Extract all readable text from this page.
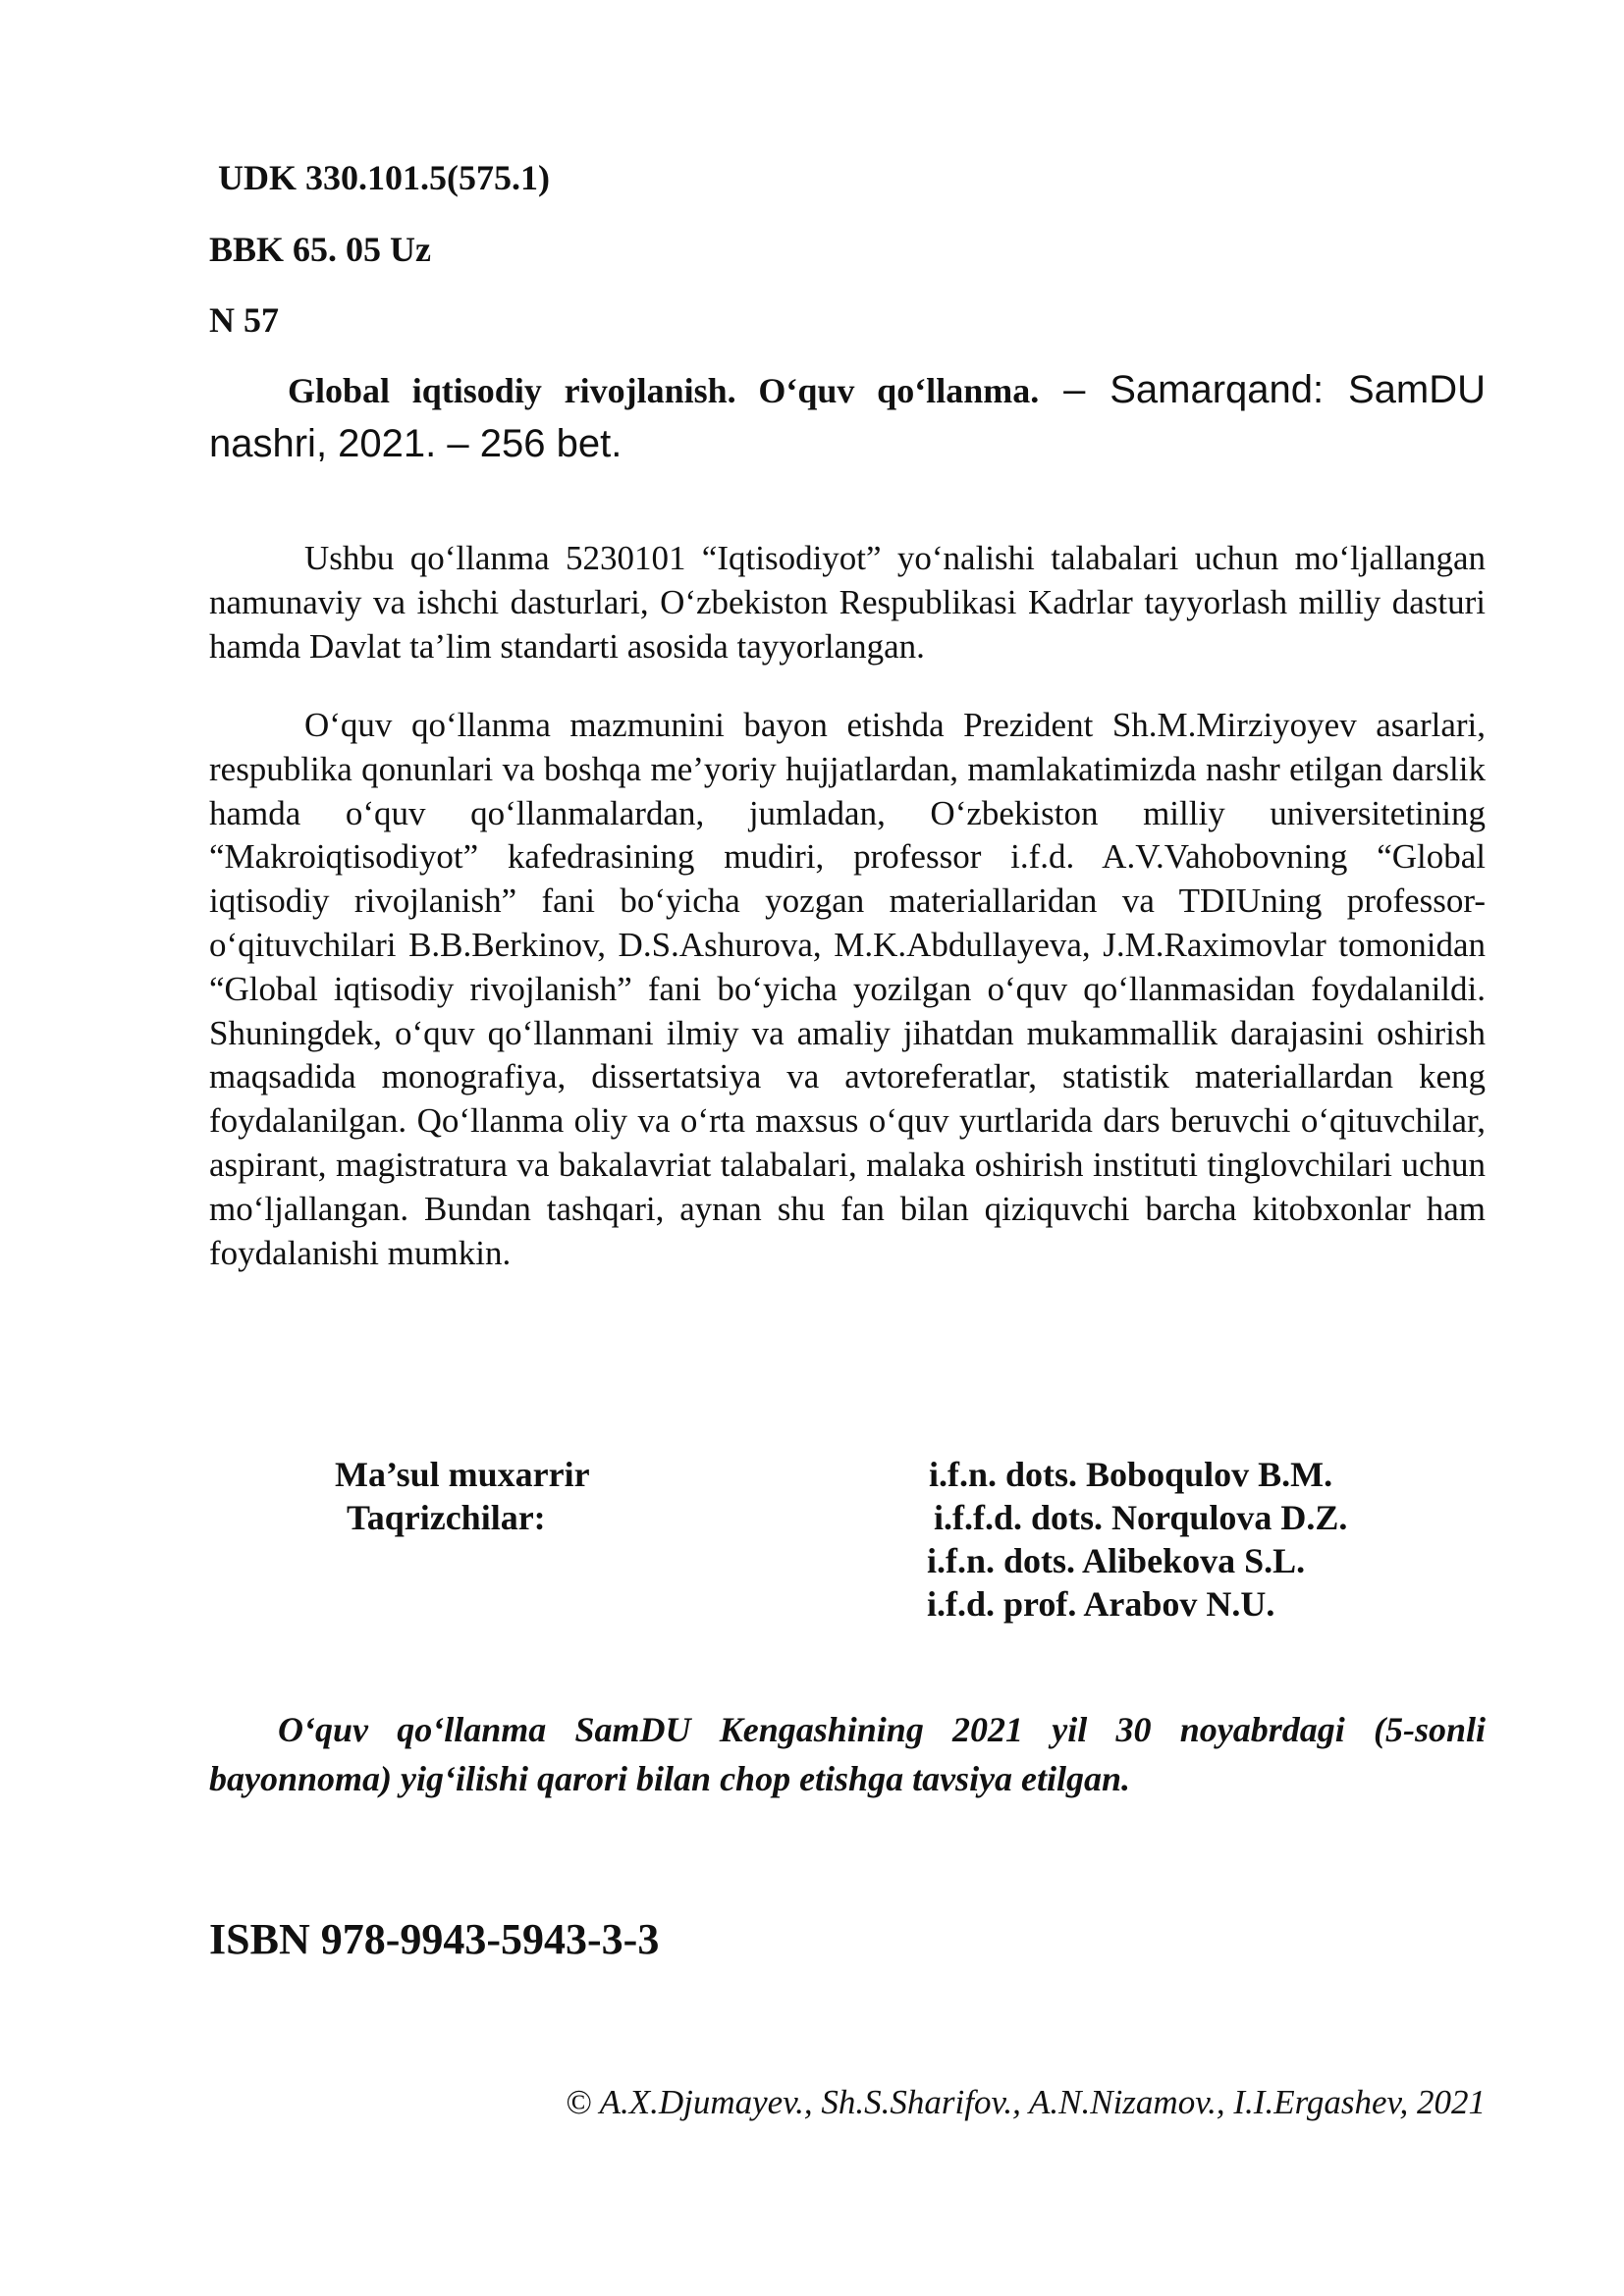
UDK 330.101.5(575.1)
BBK 65. 05 Uz
N 57
Global iqtisodiy rivojlanish. O‘quv qo‘llanma. – Samarqand: SamDU nashri, 2021. – 256 bet.
Ushbu qo‘llanma 5230101 “Iqtisodiyot” yo‘nalishi talabalari uchun mo‘ljallangan namunaviy va ishchi dasturlari, O‘zbekiston Respublikasi Kadrlar tayyorlash milliy dasturi hamda Davlat ta’lim standarti asosida tayyorlangan.
O‘quv qo‘llanma mazmunini bayon etishda Prezident Sh.M.Mirziyoyev asarlari, respublika qonunlari va boshqa me’yoriy hujjatlardan, mamlakatimizda nashr etilgan darslik hamda o‘quv qo‘llanmalardan, jumladan, O‘zbekiston milliy universitetining “Makroiqtisodiyot” kafedrasining mudiri, professor i.f.d. A.V.Vahobovning “Global iqtisodiy rivojlanish” fani bo‘yicha yozgan materiallaridan va TDIUning professor-o‘qituvchilari B.B.Berkinov, D.S.Ashurova, M.K.Abdullayeva, J.M.Raximovlar tomonidan “Global iqtisodiy rivojlanish” fani bo‘yicha yozilgan o‘quv qo‘llanmasidan foydalanildi. Shuningdek, o‘quv qo‘llanmani ilmiy va amaliy jihatdan mukammallik darajasini oshirish maqsadida monografiya, dissertatsiya va avtoreferatlar, statistik materiallardan keng foydalanilgan. Qo‘llanma oliy va o‘rta maxsus o‘quv yurtlarida dars beruvchi o‘qituvchilar, aspirant, magistratura va bakalavriat talabalari, malaka oshirish instituti tinglovchilari uchun mo‘ljallangan. Bundan tashqari, aynan shu fan bilan qiziquvchi barcha kitobxonlar ham foydalanishi mumkin.
Ma’sul muxarrir	i.f.n. dots. Boboqulov B.M.
Taqrizchilar:	i.f.f.d. dots. Norqulova D.Z.
i.f.n. dots. Alibekova S.L.
i.f.d. prof. Arabov N.U.
O‘quv qo‘llanma SamDU Kengashining 2021 yil 30 noyabrdagi (5-sonli bayonnoma) yig‘ilishi qarori bilan chop etishga tavsiya etilgan.
ISBN 978-9943-5943-3-3
© A.X.Djumayev., Sh.S.Sharifov., A.N.Nizamov., I.I.Ergashev, 2021
